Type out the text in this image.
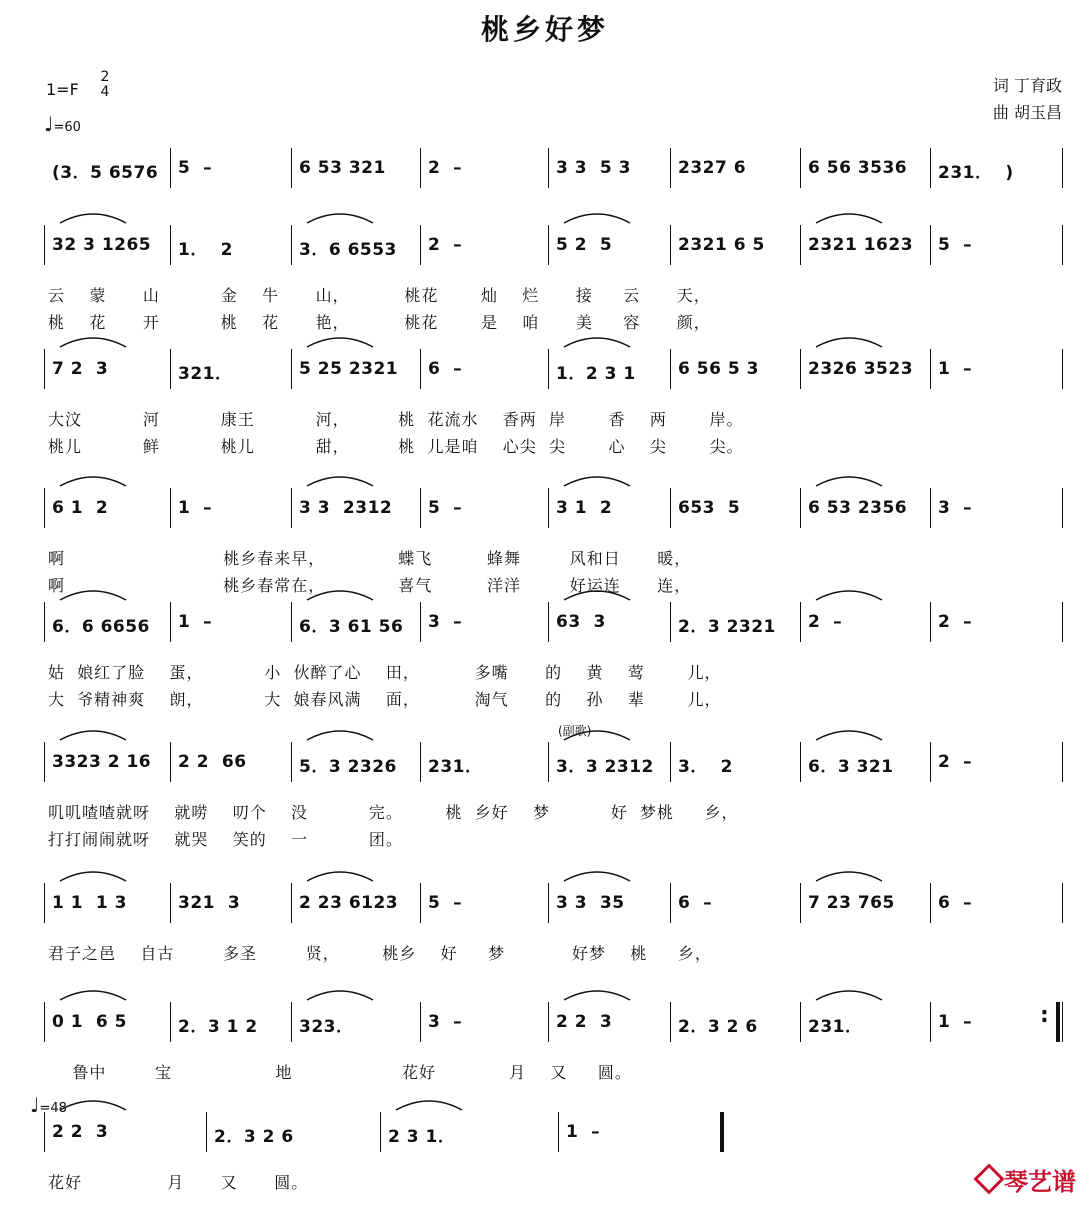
桃乡好梦
1=F
2
4
♩=60
词 丁育政
曲 胡玉昌
(3．5 6576 5  –	6 53 321 2  –	3 3  5 3	2327 6	6 56 3536 231．  )
32 3 1265 1．  2	3．6 6553 2  –	5 2  5	2321 6 5	2321 1623 5  –
云    蒙      山          金    牛      山，         桃花       灿    烂      接     云      天，
桃    花      开          桃    花      艳，         桃花       是    咱      美     容      颜，
7 2  3	321．	5 25 2321 6  –	1．2 3 1 6 56 5 3	2326 3523 1  –
大汶          河          康王          河，        桃  花流水    香两  岸       香    两       岸。
桃儿          鲜          桃儿          甜，        桃  儿是咱    心尖  尖       心    尖       尖。
6 1  2	1  –	3 3  2312 5  –	3 1  2	653  5	6 53 2356 3  –
啊                          桃乡春来早，            蝶飞         蜂舞        风和日      暖，
啊                          桃乡春常在，            喜气         洋洋        好运连      连，
6．6 6656 1  –	6．3 61 56 3  –	63  3	2．3 2321 2  –	2  –
姑  娘红了脸    蛋，          小  伙醉了心    田，         多嘴      的    黄    莺       儿，
大  爷精神爽    朗，          大  娘春风满    面，         淘气      的    孙    辈       儿，
3323 2 16 2 2  66	5．3 2326 231．	3．3 2312 3．  2	6．3 321	2  –
(副歌)
叽叽喳喳就呀    就唠    叨个    没          完。       桃  乡好    梦          好  梦桃     乡，
打打闹闹就呀    就哭    笑的    一          团。
1 1  1 3	321  3	2 23 6123 5  –	3 3  35	6  –	7 23 765	6  –
君子之邑    自古        多圣        贤，       桃乡    好     梦           好梦    桃     乡，
0 1  6 5	2．3 1 2 323．	3  –	2 2  3	2．3 2 6	231．	1  –	:
鲁中        宝                 地                  花好            月    又     圆。
2 2  3	2．3 2 6	2 3 1．	1  –
花好              月      又      圆。
♩=48
琴艺谱
